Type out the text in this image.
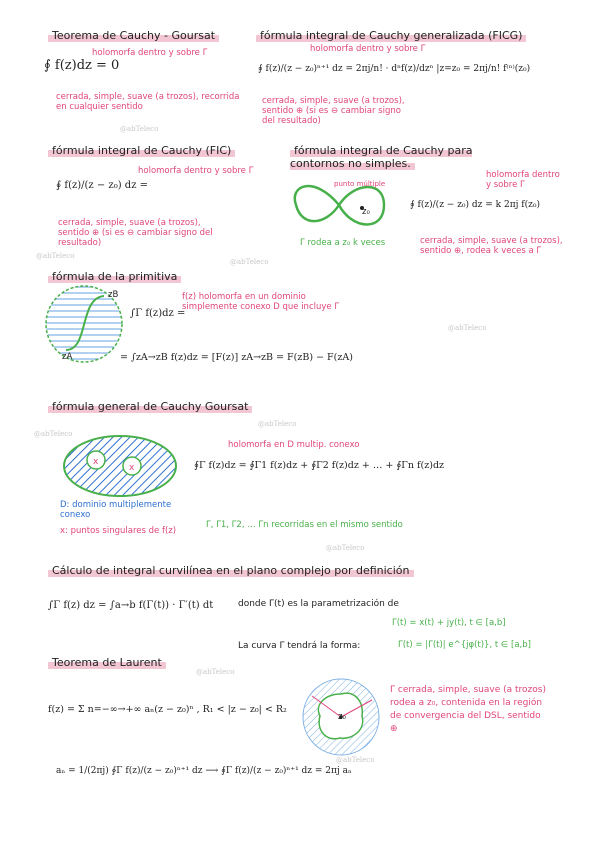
Teorema de Cauchy - Goursat
∮ f(z)dz = 0
holomorfa dentro y sobre Γ
cerrada, simple, suave (a trozos), recorrida en cualquier sentido
fórmula integral de Cauchy generalizada (FICG)
holomorfa dentro y sobre Γ
∮ f(z)/(z − z₀)ⁿ⁺¹ dz = 2πj/n! · dⁿf(z)/dzⁿ |z=z₀ = 2πj/n! f⁽ⁿ⁾(z₀)
cerrada, simple, suave (a trozos), sentido ⊕ (si es ⊖ cambiar signo del resultado)
@abTeleco
fórmula integral de Cauchy (FIC)
∮ f(z)/(z − z₀) dz =
holomorfa dentro y sobre Γ
cerrada, simple, suave (a trozos), sentido ⊕ (si es ⊖ cambiar signo del resultado)
fórmula integral de Cauchy para contornos no simples.
punto múltiple
z₀
Γ rodea a z₀ k veces
holomorfa dentro y sobre Γ
∮ f(z)/(z − z₀) dz = k 2πj f(z₀)
cerrada, simple, suave (a trozos), sentido ⊕, rodea k veces a Γ
@abTeleco
@abTeleco
fórmula de la primitiva
zA
zB
∫Γ f(z)dz =
f(z) holomorfa en un dominio simplemente conexo D que incluye Γ
= ∫zA→zB f(z)dz = [F(z)] zA→zB = F(zB) − F(zA)
@abTeleco
fórmula general de Cauchy Goursat
@abTeleco
@abTeleco
x
x
holomorfa en D multip. conexo
∮Γ f(z)dz = ∮Γ1 f(z)dz + ∮Γ2 f(z)dz + … + ∮Γn f(z)dz
D: dominio multiplemente conexo
x: puntos singulares de f(z)
Γ, Γ1, Γ2, … Γn recorridas en el mismo sentido
@abTeleco
Cálculo de integral curvilínea en el plano complejo por definición
∫Γ f(z) dz = ∫a→b f(Γ(t)) · Γ′(t) dt	donde Γ(t) es la parametrización de
Γ(t) = x(t) + jy(t), t ∈ [a,b]
La curva Γ tendrá la forma:	Γ(t) = |Γ(t)| e^{jφ(t)}, t ∈ [a,b]
Teorema de Laurent
@abTeleco
f(z) = Σ n=−∞→+∞ aₙ(z − z₀)ⁿ , R₁ < |z − z₀| < R₂
z₀
Γ cerrada, simple, suave (a trozos) rodea a z₀, contenida en la región de convergencia del DSL, sentido ⊕
@abTeleco
aₙ = 1/(2πj) ∮Γ f(z)/(z − z₀)ⁿ⁺¹ dz ⟶ ∮Γ f(z)/(z − z₀)ⁿ⁺¹ dz = 2πj aₙ
